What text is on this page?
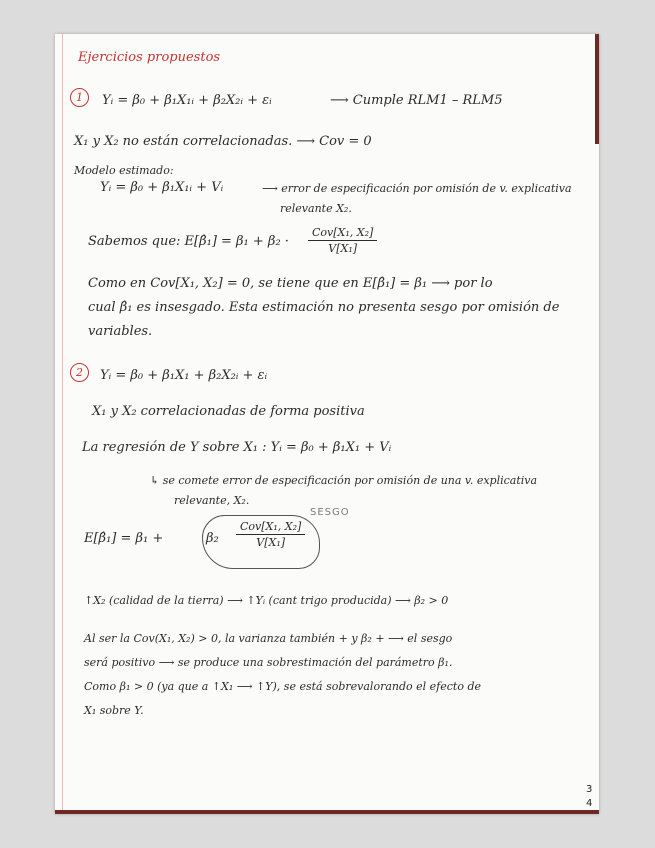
Ejercicios propuestos
1	Yᵢ = β₀ + β₁X₁ᵢ + β₂X₂ᵢ + εᵢ	⟶ Cumple RLM1 – RLM5
X₁ y X₂ no están correlacionadas. ⟶ Cov = 0
Modelo estimado:
Yᵢ = β₀ + β₁X₁ᵢ + Vᵢ	⟶ error de especificación por omisión de v. explicativa
relevante X₂.
Sabemos que: E[β̂₁] = β₁ + β₂ ·
Cov[X₁, X₂]
V[X₁]
Como en Cov[X₁, X₂] = 0, se tiene que en E[β̂₁] = β₁ ⟶ por lo
cual β̂₁ es insesgado. Esta estimación no presenta sesgo por omisión de
variables.
2	Yᵢ = β₀ + β₁X₁ + β₂X₂ᵢ + εᵢ
X₁ y X₂ correlacionadas de forma positiva
La regresión de Y sobre X₁ : Yᵢ = β₀ + β₁X₁ + Vᵢ
↳ se comete error de especificación por omisión de una v. explicativa
relevante, X₂.
SESGO
E[β̂₁] = β₁ +	β₂
Cov[X₁, X₂]
V[X₁]
↑X₂ (calidad de la tierra) ⟶ ↑Yᵢ (cant trigo producida) ⟶ β₂ > 0
Al ser la Cov(X₁, X₂) > 0, la varianza también + y β₂ + ⟶ el sesgo
será positivo ⟶ se produce una sobrestimación del parámetro β₁.
Como β₁ > 0 (ya que a ↑X₁ ⟶ ↑Y), se está sobrevalorando el efecto de
X₁ sobre Y.
3
4
